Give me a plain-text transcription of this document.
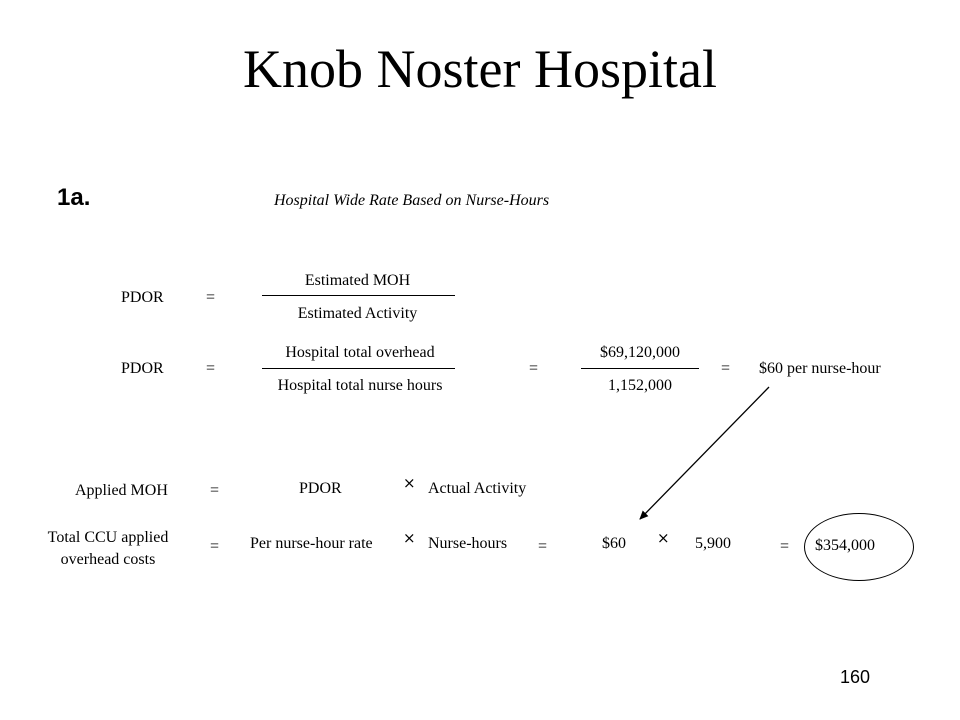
Knob Noster Hospital
1a.	Hospital Wide Rate Based on Nurse-Hours
PDOR	=
Estimated MOH
Estimated Activity
PDOR	=
Hospital total overhead
Hospital total nurse hours
=
$69,120,000
1,152,000
= $60 per nurse-hour
Applied MOH	=	PDOR	× Actual Activity
Total CCU applied
overhead costs
= Per nurse-hour rate × Nurse-hours =	$60 × 5,900	= $354,000
160
